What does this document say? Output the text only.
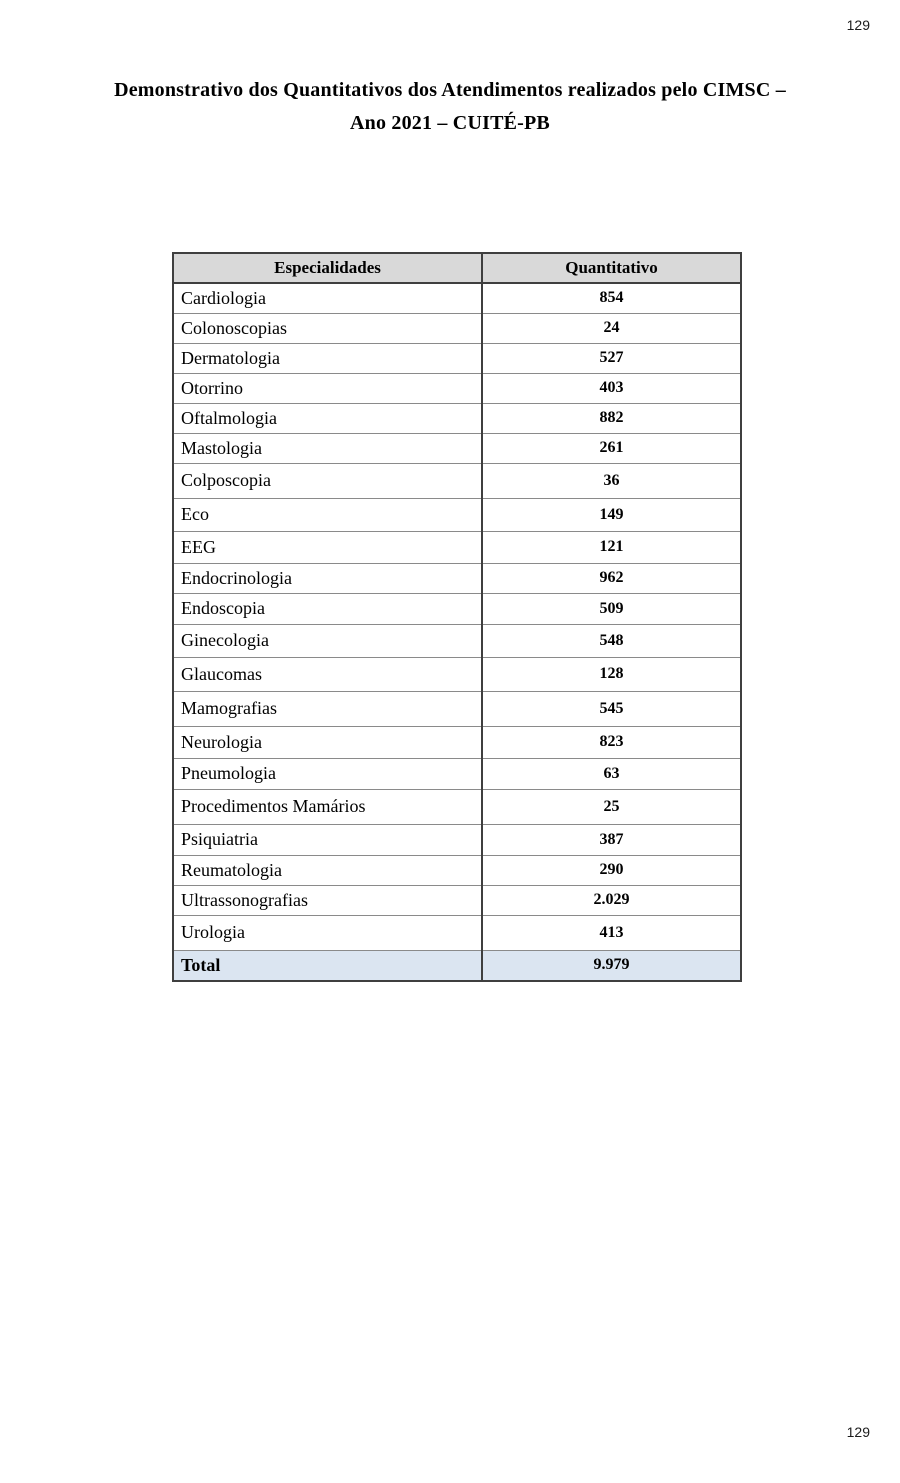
129
Demonstrativo dos Quantitativos dos Atendimentos realizados pelo CIMSC –
Ano 2021 – CUITÉ-PB
Especialidades	Quantitativo
Cardiologia	854
Colonoscopias	24
Dermatologia	527
Otorrino	403
Oftalmologia	882
Mastologia	261
Colposcopia	36
Eco	149
EEG	121
Endocrinologia	962
Endoscopia	509
Ginecologia	548
Glaucomas	128
Mamografias	545
Neurologia	823
Pneumologia	63
Procedimentos Mamários	25
Psiquiatria	387
Reumatologia	290
Ultrassonografias	2.029
Urologia	413
Total	9.979
129
